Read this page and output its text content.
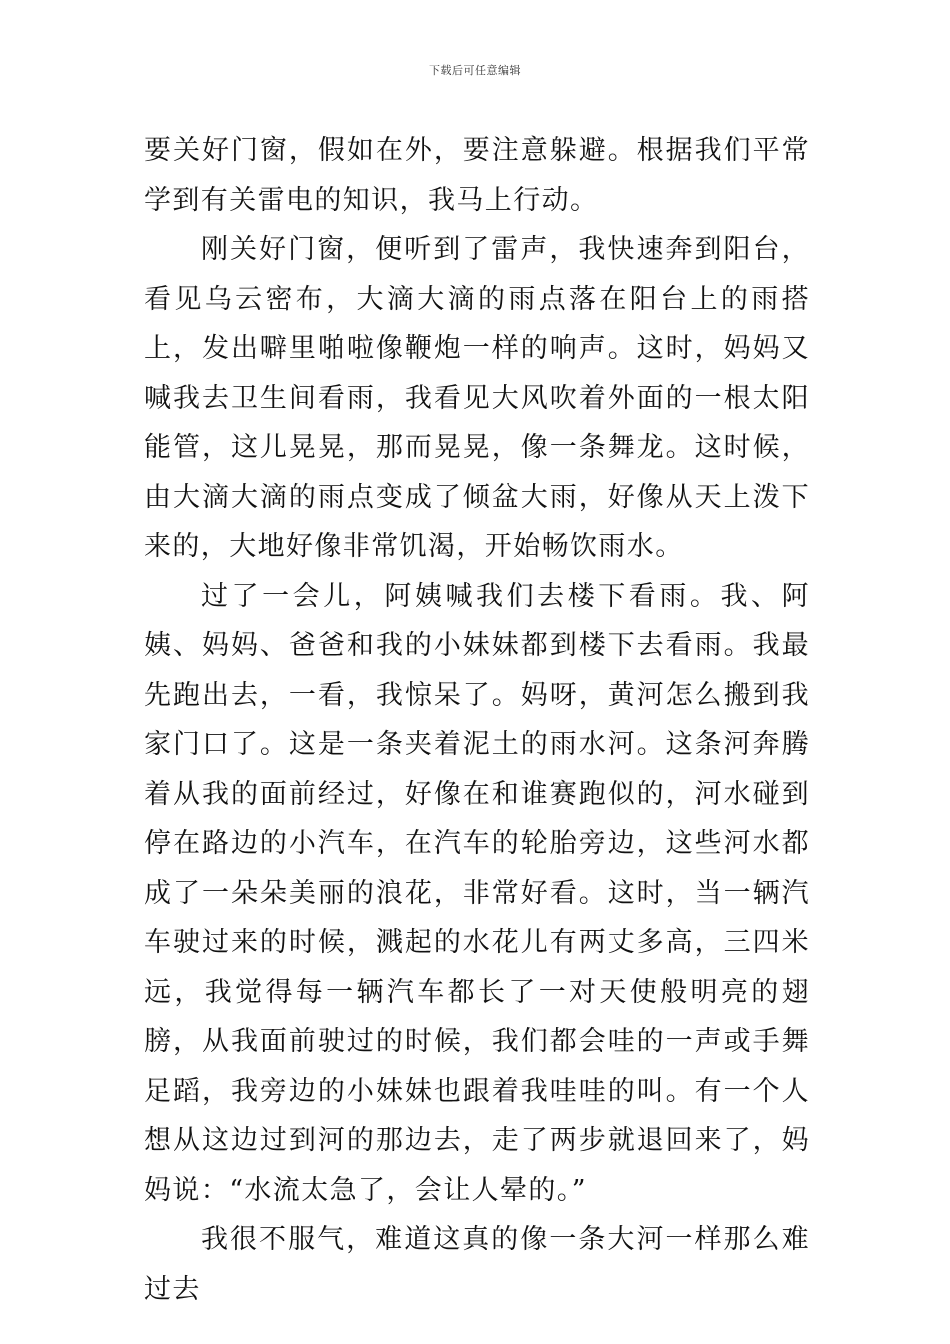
下载后可任意编辑

要关好门窗，假如在外，要注意躲避。根据我们平常学到有关雷电的知识，我马上行动。

刚关好门窗，便听到了雷声，我快速奔到阳台，看见乌云密布，大滴大滴的雨点落在阳台上的雨搭上，发出噼里啪啦像鞭炮一样的响声。这时，妈妈又喊我去卫生间看雨，我看见大风吹着外面的一根太阳能管，这儿晃晃，那而晃晃，像一条舞龙。这时候，由大滴大滴的雨点变成了倾盆大雨，好像从天上泼下来的，大地好像非常饥渴，开始畅饮雨水。

过了一会儿，阿姨喊我们去楼下看雨。我、阿姨、妈妈、爸爸和我的小妹妹都到楼下去看雨。我最先跑出去，一看，我惊呆了。妈呀，黄河怎么搬到我家门口了。这是一条夹着泥土的雨水河。这条河奔腾着从我的面前经过，好像在和谁赛跑似的，河水碰到停在路边的小汽车，在汽车的轮胎旁边，这些河水都成了一朵朵美丽的浪花，非常好看。这时，当一辆汽车驶过来的时候，溅起的水花儿有两丈多高，三四米远，我觉得每一辆汽车都长了一对天使般明亮的翅膀，从我面前驶过的时候，我们都会哇的一声或手舞足蹈，我旁边的小妹妹也跟着我哇哇的叫。有一个人想从这边过到河的那边去，走了两步就退回来了，妈妈说：“水流太急了，会让人晕的。”

我很不服气，难道这真的像一条大河一样那么难过去
